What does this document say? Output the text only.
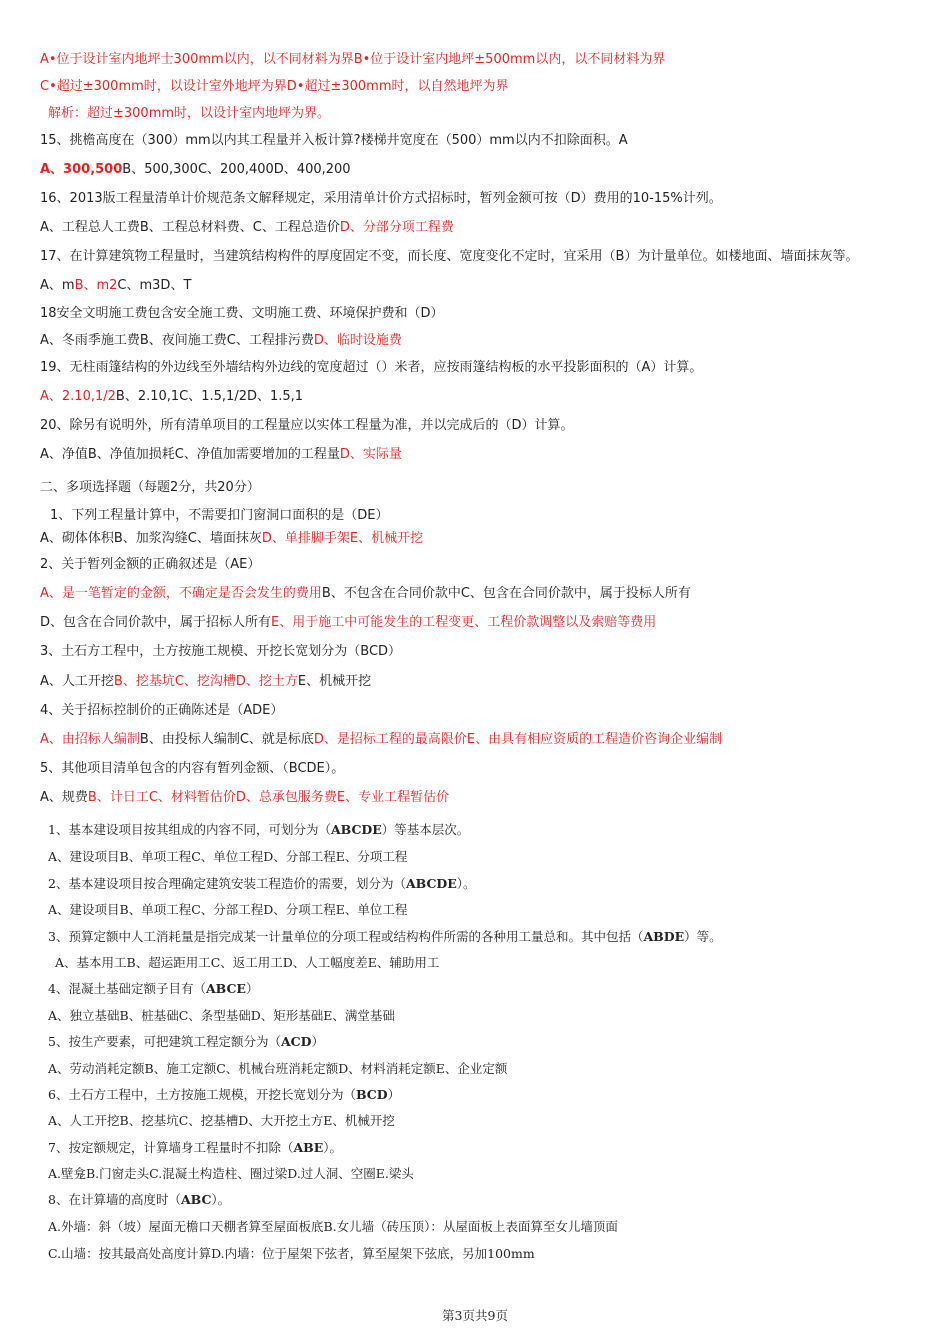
A•位于设计室内地坪士300mm以内，以不同材料为界B•位于设计室内地坪±500mm以内，以不同材料为界
C•超过±300mm时，以设计室外地坪为界D•超过±300mm时，以自然地坪为界
解析：超过±300mm时，以设计室内地坪为界。
15、挑檐高度在（300）mm以内其工程量并入板计算?楼梯井宽度在（500）mm以内不扣除面积。A
A、300,500B、500,300C、200,400D、400,200
16、2013版工程量清单计价规范条文解释规定，采用清单计价方式招标时，暂列金额可按（D）费用的10-15%计列。
A、工程总人工费B、工程总材料费、C、工程总造价D、分部分项工程费
17、在计算建筑物工程量时，当建筑结构构件的厚度固定不变，而长度、宽度变化不定时，宜采用（B）为计量单位。如楼地面、墙面抹灰等。
A、mB、m2C、m3D、T
18安全文明施工费包含安全施工费、文明施工费、环境保护费和（D）
A、冬雨季施工费B、夜间施工费C、工程排污费D、临时设施费
19、无柱雨篷结构的外边线至外墙结构外边线的宽度超过（）米者，应按雨篷结构板的水平投影面积的（A）计算。
A、2.10,1/2B、2.10,1C、1.5,1/2D、1.5,1
20、除另有说明外，所有清单项目的工程量应以实体工程量为准，并以完成后的（D）计算。
A、净值B、净值加损耗C、净值加需要增加的工程量D、实际量
二、多项选择题（每题2分，共20分）
1、下列工程量计算中，不需要扣门窗洞口面积的是（DE）
A、砌体体积B、加浆沟缝C、墙面抹灰D、单排脚手架E、机械开挖
2、关于暂列金额的正确叙述是（AE）
A、是一笔暂定的金额，不确定是否会发生的费用B、不包含在合同价款中C、包含在合同价款中，属于投标人所有
D、包含在合同价款中，属于招标人所有E、用于施工中可能发生的工程变更、工程价款调整以及索赔等费用
3、土石方工程中，土方按施工规模、开挖长宽划分为（BCD）
A、人工开挖B、挖基坑C、挖沟槽D、挖土方E、机械开挖
4、关于招标控制价的正确陈述是（ADE）
A、由招标人编制B、由投标人编制C、就是标底D、是招标工程的最高限价E、由具有相应资质的工程造价咨询企业编制
5、其他项目清单包含的内容有暂列金额、（BCDE）。
A、规费B、计日工C、材料暂估价D、总承包服务费E、专业工程暂估价
1、基本建设项目按其组成的内容不同，可划分为（ABCDE）等基本层次。
A、建设项目B、单项工程C、单位工程D、分部工程E、分项工程
2、基本建设项目按合理确定建筑安装工程造价的需要，划分为（ABCDE）。
A、建设项目B、单项工程C、分部工程D、分项工程E、单位工程
3、预算定额中人工消耗量是指完成某一计量单位的分项工程或结构构件所需的各种用工量总和。其中包括（ABDE）等。
A、基本用工B、超运距用工C、返工用工D、人工幅度差E、辅助用工
4、混凝土基础定额子目有（ABCE）
A、独立基础B、桩基础C、条型基础D、矩形基础E、满堂基础
5、按生产要素，可把建筑工程定额分为（ACD）
A、劳动消耗定额B、施工定额C、机械台班消耗定额D、材料消耗定额E、企业定额
6、土石方工程中，土方按施工规模，开挖长宽划分为（BCD）
A、人工开挖B、挖基坑C、挖基槽D、大开挖土方E、机械开挖
7、按定额规定，计算墙身工程量时不扣除（ABE）。
A.壁龛B.门窗走头C.混凝土构造柱、圈过梁D.过人洞、空圈E.梁头
8、在计算墙的高度时（ABC）。
A.外墙：斜（坡）屋面无檐口天棚者算至屋面板底B.女儿墙（砖压顶）：从屋面板上表面算至女儿墙顶面
C.山墙：按其最高处高度计算D.内墙：位于屋架下弦者，算至屋架下弦底，另加100mm
第3页共9页
